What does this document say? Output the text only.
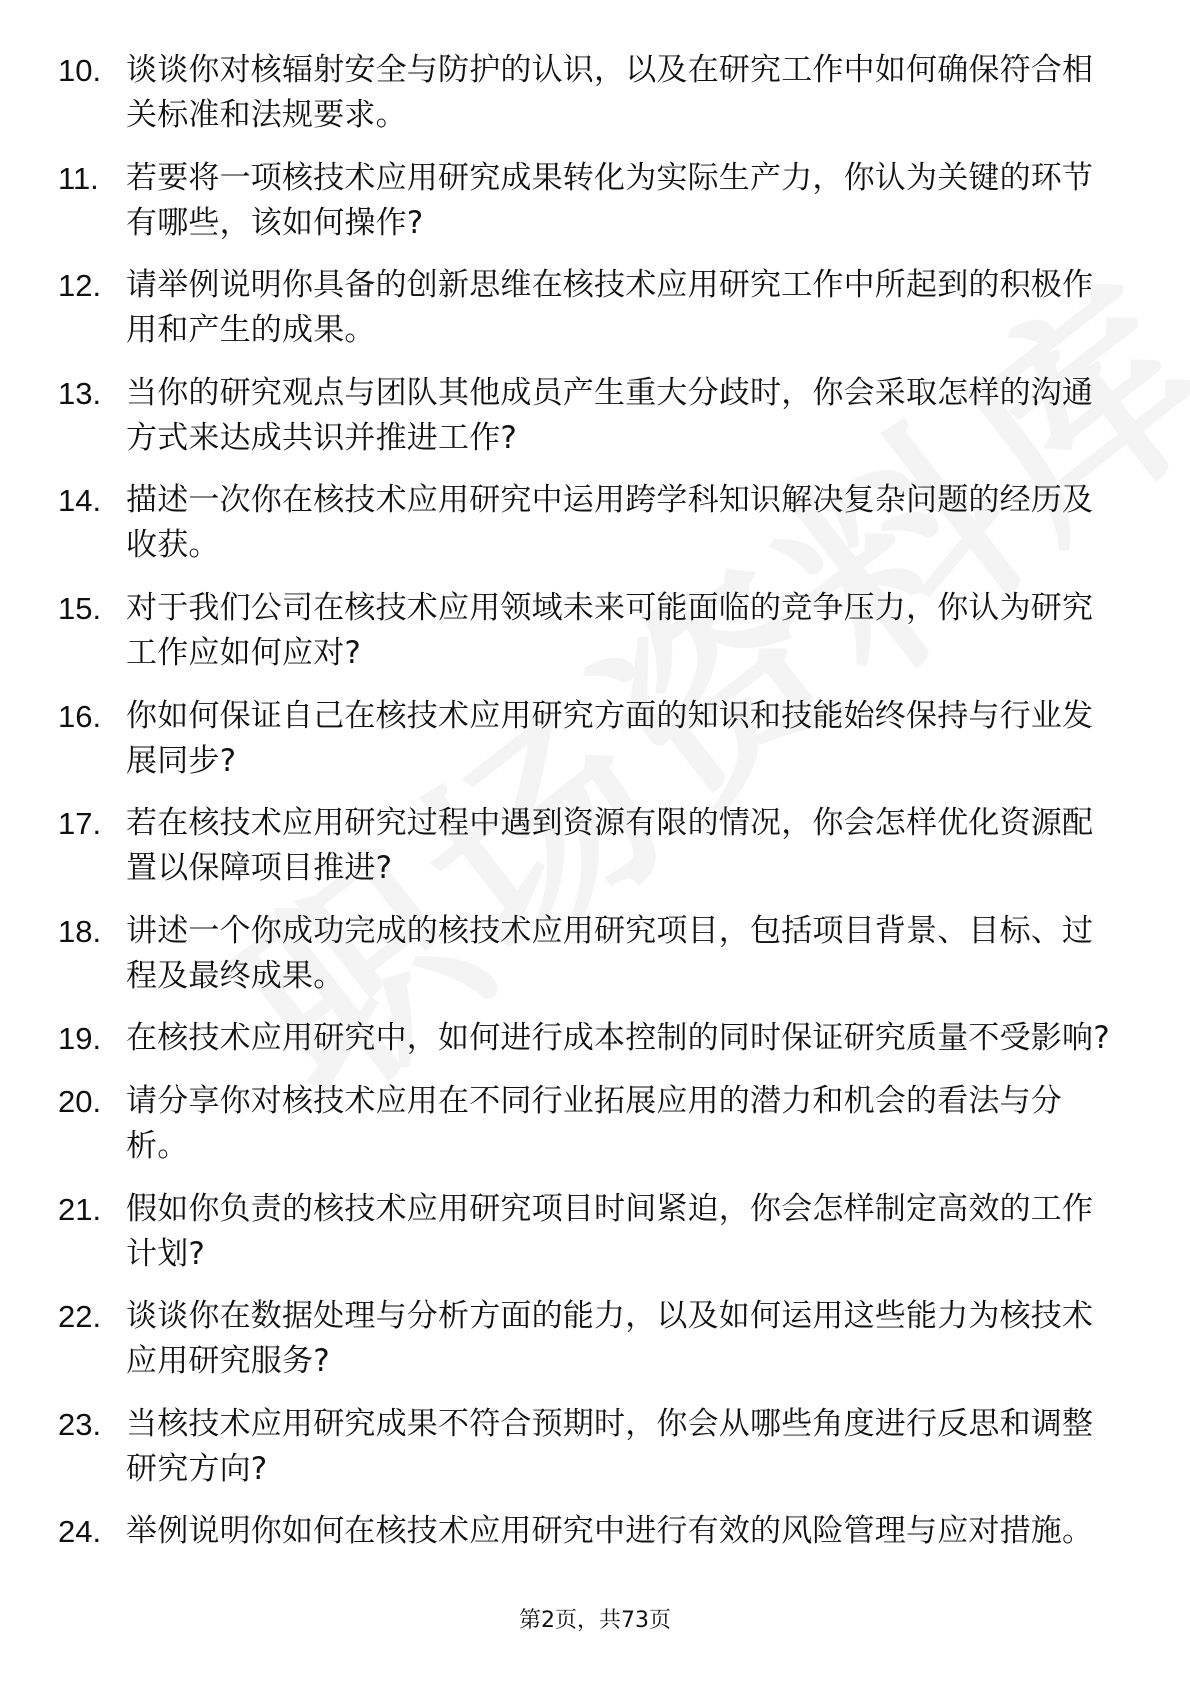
10. 谈谈你对核辐射安全与防护的认识，以及在研究工作中如何确保符合相关标准和法规要求。
11. 若要将一项核技术应用研究成果转化为实际生产力，你认为关键的环节有哪些，该如何操作?
12. 请举例说明你具备的创新思维在核技术应用研究工作中所起到的积极作用和产生的成果。
13. 当你的研究观点与团队其他成员产生重大分歧时，你会采取怎样的沟通方式来达成共识并推进工作?
14. 描述一次你在核技术应用研究中运用跨学科知识解决复杂问题的经历及收获。
15. 对于我们公司在核技术应用领域未来可能面临的竞争压力，你认为研究工作应如何应对?
16. 你如何保证自己在核技术应用研究方面的知识和技能始终保持与行业发展同步?
17. 若在核技术应用研究过程中遇到资源有限的情况，你会怎样优化资源配置以保障项目推进?
18. 讲述一个你成功完成的核技术应用研究项目，包括项目背景、目标、过程及最终成果。
19. 在核技术应用研究中，如何进行成本控制的同时保证研究质量不受影响?
20. 请分享你对核技术应用在不同行业拓展应用的潜力和机会的看法与分析。
21. 假如你负责的核技术应用研究项目时间紧迫，你会怎样制定高效的工作计划?
22. 谈谈你在数据处理与分析方面的能力，以及如何运用这些能力为核技术应用研究服务?
23. 当核技术应用研究成果不符合预期时，你会从哪些角度进行反思和调整研究方向?
24. 举例说明你如何在核技术应用研究中进行有效的风险管理与应对措施。
第2页，共73页
